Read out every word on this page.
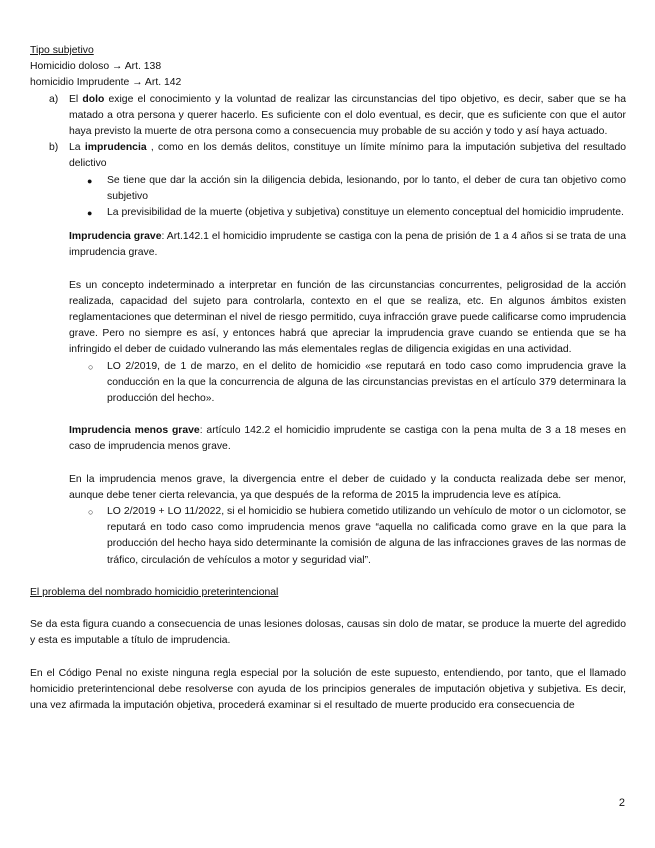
Tipo subjetivo

Homicidio doloso → Art. 138

homicidio Imprudente → Art. 142

a) El dolo exige el conocimiento y la voluntad de realizar las circunstancias del tipo objetivo, es decir, saber que se ha matado a otra persona y querer hacerlo. Es suficiente con el dolo eventual, es decir, que es suficiente con que el autor haya previsto la muerte de otra persona como a consecuencia muy probable de su acción y todo y así haya actuado.
b) La imprudencia , como en los demás delitos, constituye un límite mínimo para la imputación subjetiva del resultado delictivo
● Se tiene que dar la acción sin la diligencia debida, lesionando, por lo tanto, el deber de cura tan objetivo como subjetivo
● La previsibilidad de la muerte (objetiva y subjetiva) constituye un elemento conceptual del homicidio imprudente.

Imprudencia grave: Art.142.1 el homicidio imprudente se castiga con la pena de prisión de 1 a 4 años si se trata de una imprudencia grave.

Es un concepto indeterminado a interpretar en función de las circunstancias concurrentes, peligrosidad de la acción realizada, capacidad del sujeto para controlarla, contexto en el que se realiza, etc. En algunos ámbitos existen reglamentaciones que determinan el nivel de riesgo permitido, cuya infracción grave puede calificarse como imprudencia grave. Pero no siempre es así, y entonces habrá que apreciar la imprudencia grave cuando se entienda que se ha infringido el deber de cuidado vulnerando las más elementales reglas de diligencia exigidas en una actividad.

○ LO 2/2019, de 1 de marzo, en el delito de homicidio «se reputará en todo caso como imprudencia grave la conducción en la que la concurrencia de alguna de las circunstancias previstas en el artículo 379 determinara la producción del hecho».

Imprudencia menos grave: artículo 142.2 el homicidio imprudente se castiga con la pena multa de 3 a 18 meses en caso de imprudencia menos grave.

En la imprudencia menos grave, la divergencia entre el deber de cuidado y la conducta realizada debe ser menor, aunque debe tener cierta relevancia, ya que después de la reforma de 2015 la imprudencia leve es atípica.

○ LO 2/2019 + LO 11/2022, si el homicidio se hubiera cometido utilizando un vehículo de motor o un ciclomotor, se reputará en todo caso como imprudencia menos grave “aquella no calificada como grave en la que para la producción del hecho haya sido determinante la comisión de alguna de las infracciones graves de las normas de tráfico, circulación de vehículos a motor y seguridad vial”.

El problema del nombrado homicidio preterintencional

Se da esta figura cuando a consecuencia de unas lesiones dolosas, causas sin dolo de matar, se produce la muerte del agredido y esta es imputable a título de imprudencia.

En el Código Penal no existe ninguna regla especial por la solución de este supuesto, entendiendo, por tanto, que el llamado homicidio preterintencional debe resolverse con ayuda de los principios generales de imputación objetiva y subjetiva. Es decir, una vez afirmada la imputación objetiva, procederá examinar si el resultado de muerte producido era consecuencia de

2
